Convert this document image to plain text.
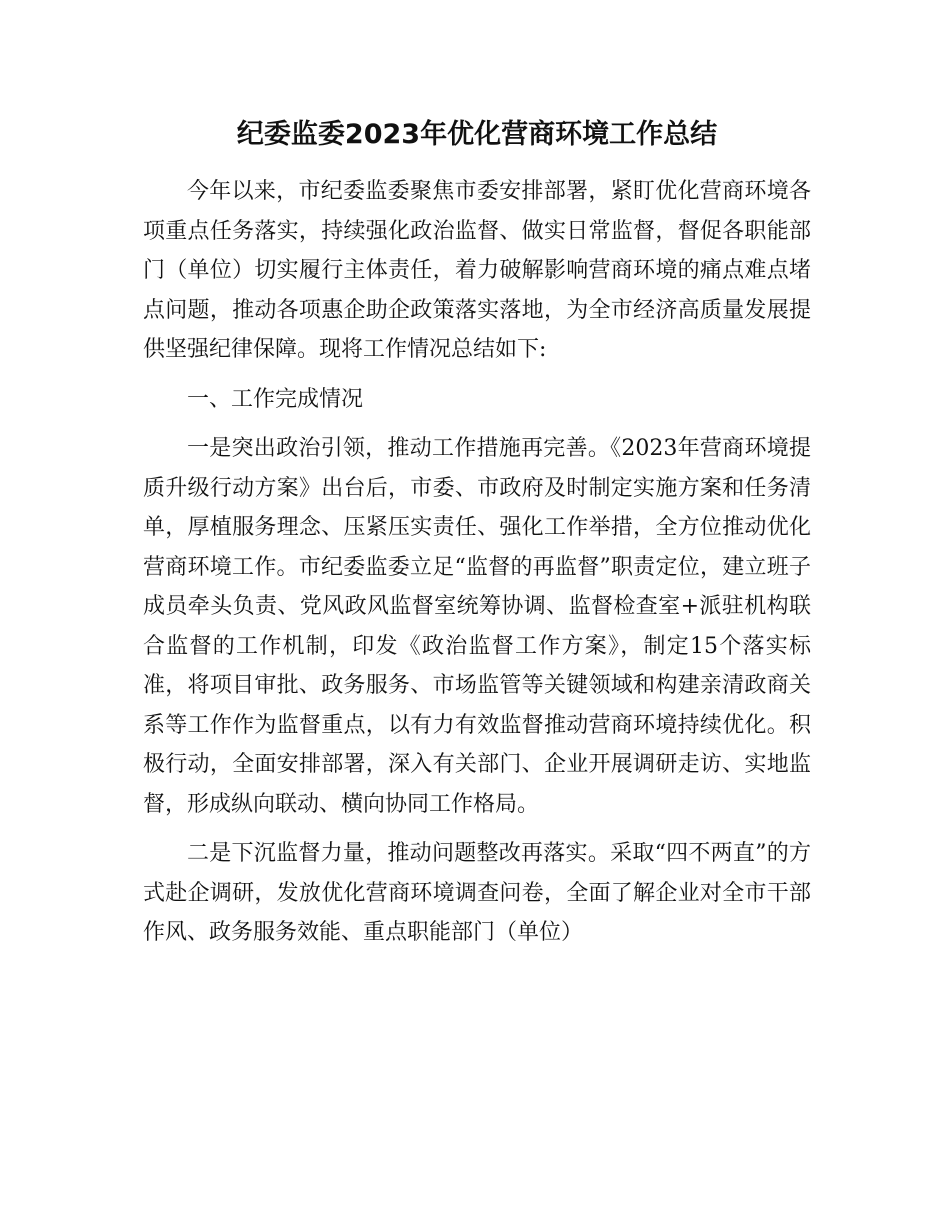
纪委监委2023年优化营商环境工作总结

今年以来，市纪委监委聚焦市委安排部署，紧盯优化营商环境各项重点任务落实，持续强化政治监督、做实日常监督，督促各职能部门（单位）切实履行主体责任，着力破解影响营商环境的痛点难点堵点问题，推动各项惠企助企政策落实落地，为全市经济高质量发展提供坚强纪律保障。现将工作情况总结如下:

一、工作完成情况

一是突出政治引领，推动工作措施再完善。《2023年营商环境提质升级行动方案》出台后，市委、市政府及时制定实施方案和任务清单，厚植服务理念、压紧压实责任、强化工作举措，全方位推动优化营商环境工作。市纪委监委立足“监督的再监督”职责定位，建立班子成员牵头负责、党风政风监督室统筹协调、监督检查室+派驻机构联合监督的工作机制，印发《政治监督工作方案》，制定15个落实标准，将项目审批、政务服务、市场监管等关键领域和构建亲清政商关系等工作作为监督重点，以有力有效监督推动营商环境持续优化。积极行动，全面安排部署，深入有关部门、企业开展调研走访、实地监督，形成纵向联动、横向协同工作格局。

二是下沉监督力量，推动问题整改再落实。采取“四不两直”的方式赴企调研，发放优化营商环境调查问卷，全面了解企业对全市干部作风、政务服务效能、重点职能部门（单位）
